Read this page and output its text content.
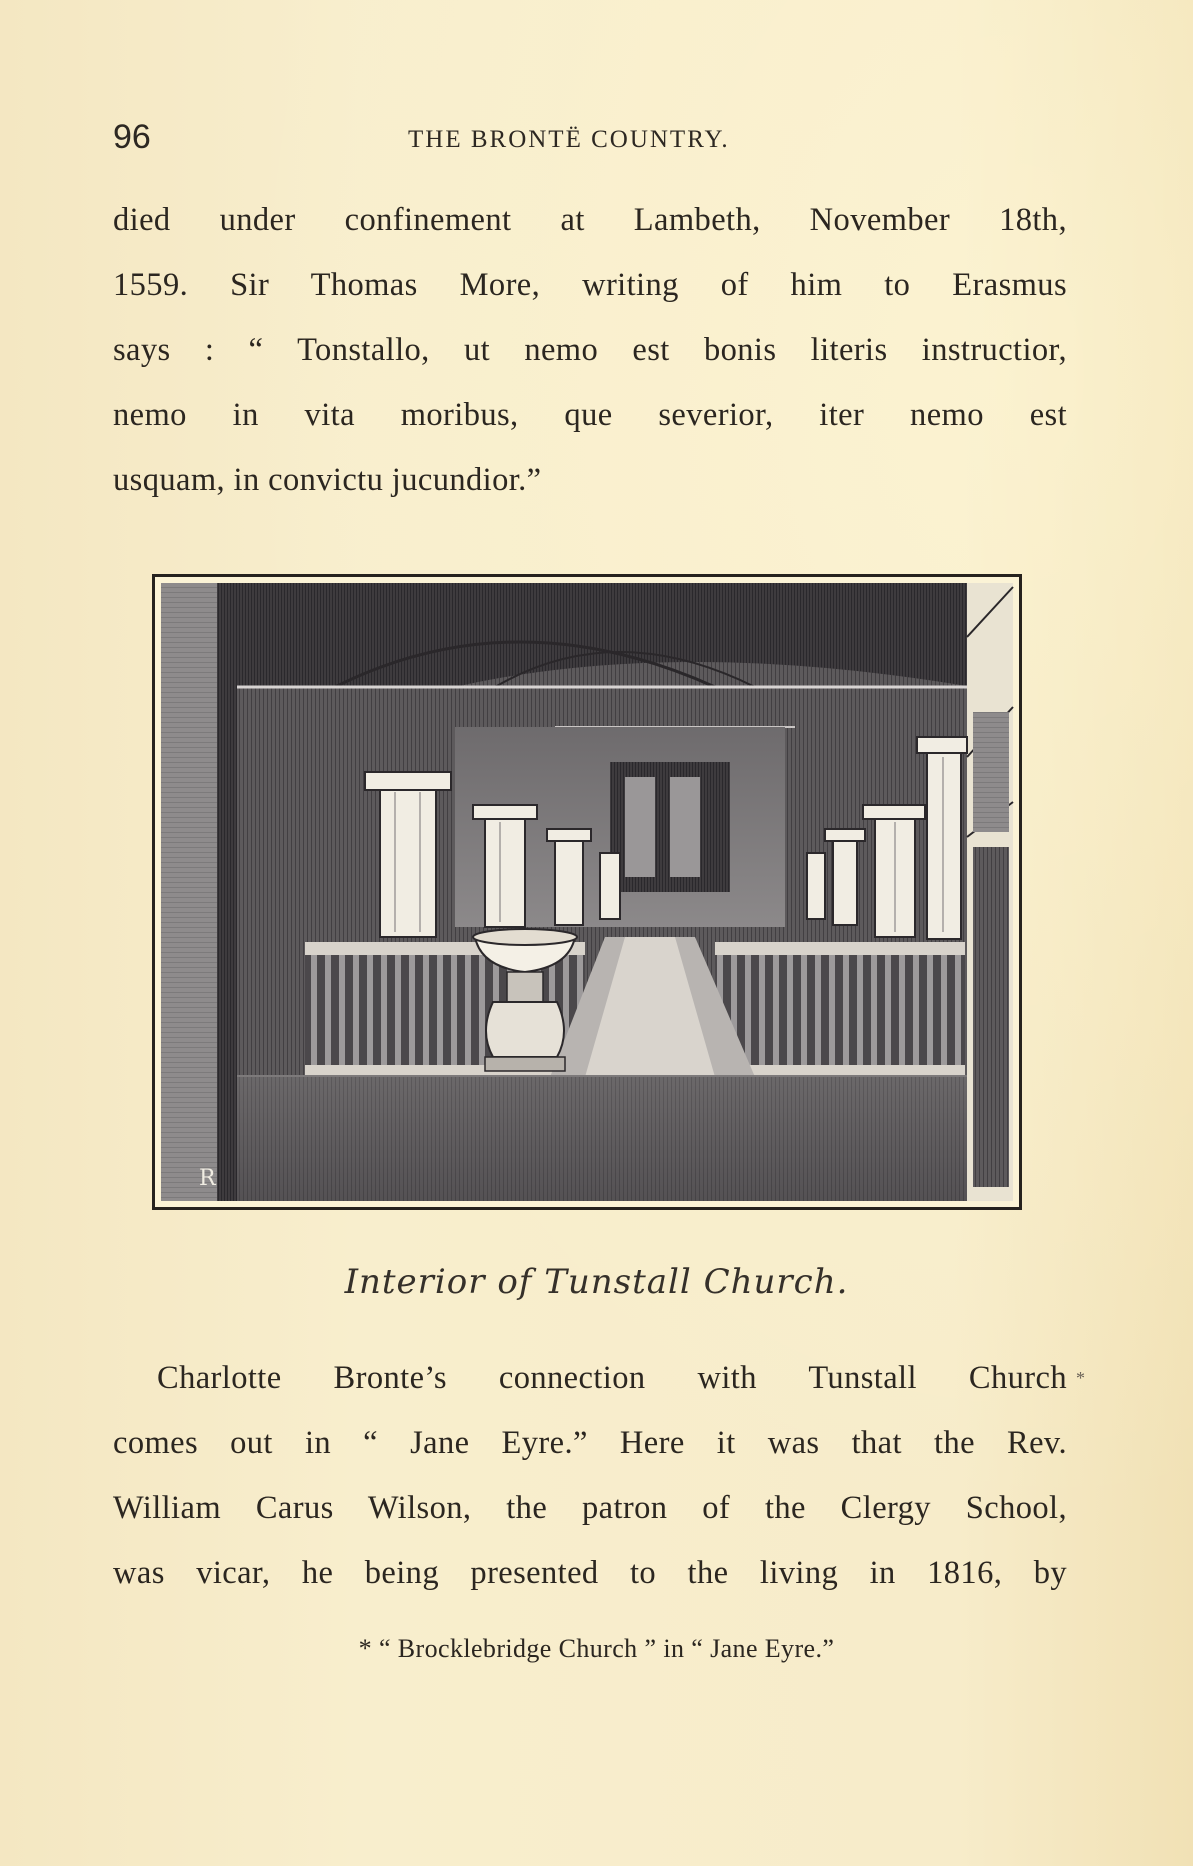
96	THE BRONTË COUNTRY.
died under confinement at Lambeth, November 18th,
1559. Sir Thomas More, writing of him to Erasmus
says : “ Tonstallo, ut nemo est bonis literis instructior,
nemo in vita moribus, que severior, iter nemo est
usquam, in convictu jucundior.”
R
Interior of Tunstall Church.
Charlotte Bronte’s connection with Tunstall Church
comes out in “ Jane Eyre.” Here it was that the Rev.
William Carus Wilson, the patron of the Clergy School,
was vicar, he being presented to the living in 1816, by
*
* “ Brocklebridge Church ” in “ Jane Eyre.”
